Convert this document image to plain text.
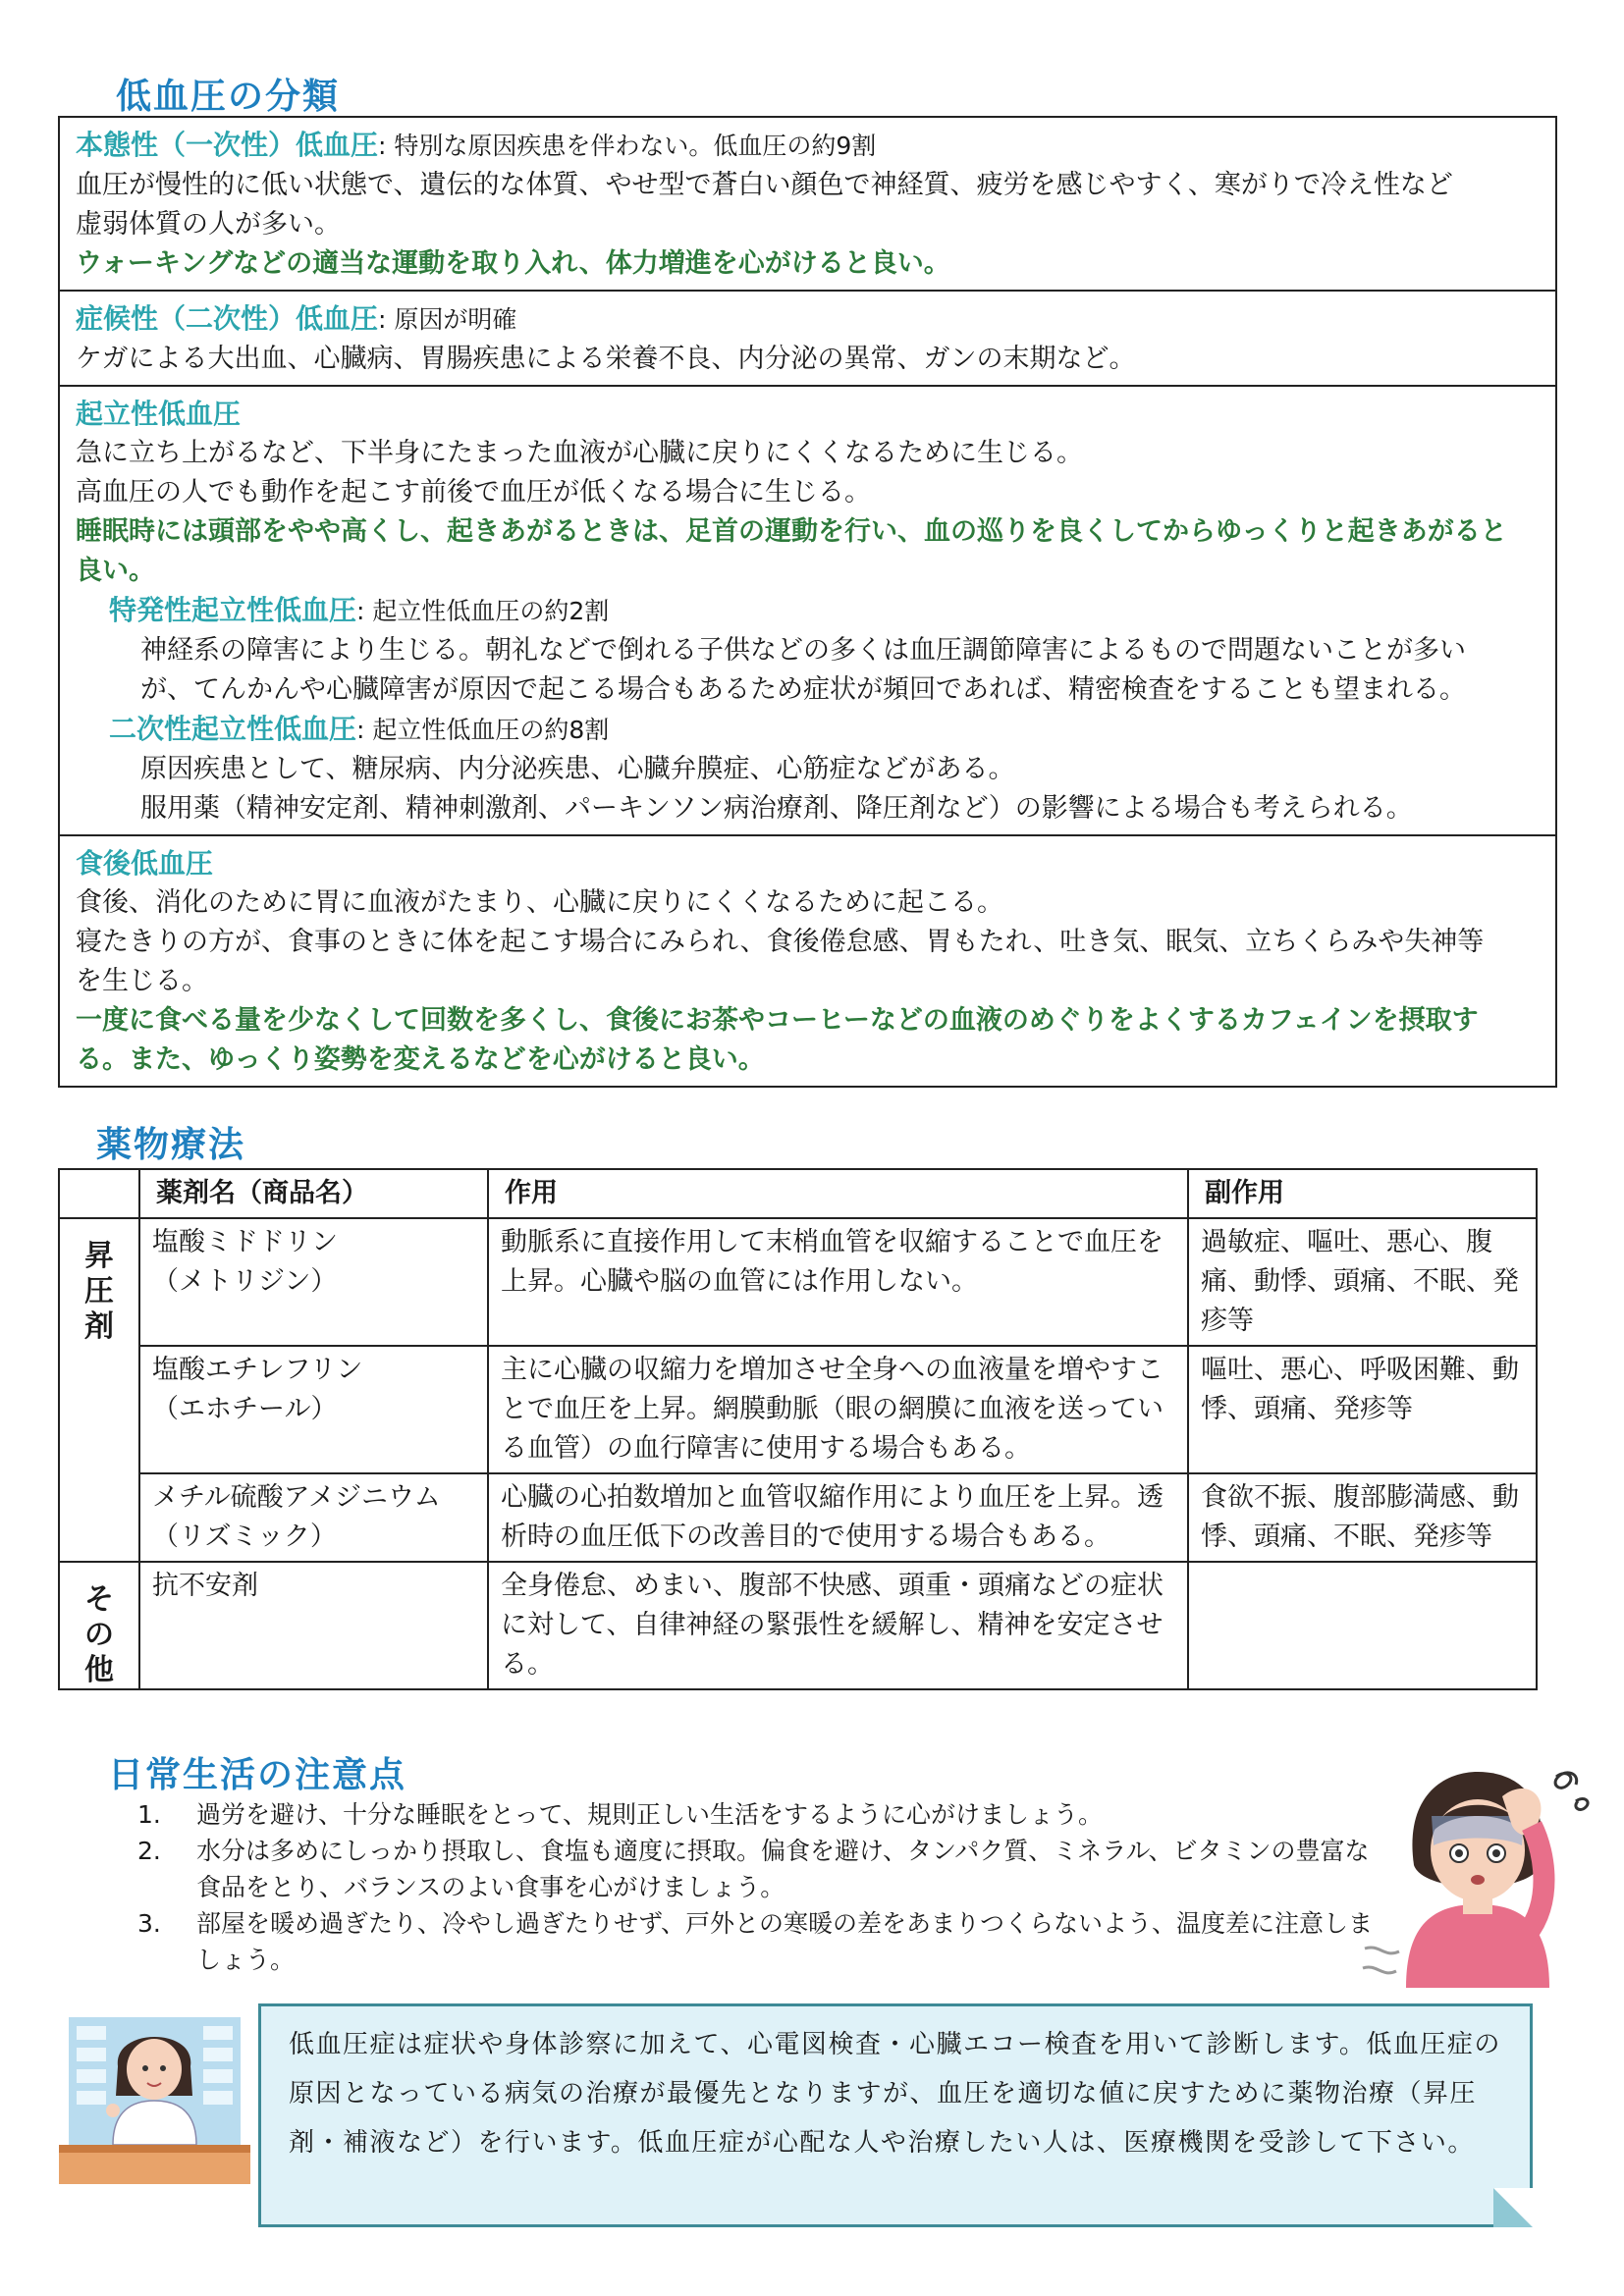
低血圧の分類
本態性（一次性）低血圧: 特別な原因疾患を伴わない。低血圧の約9割
血圧が慢性的に低い状態で、遺伝的な体質、やせ型で蒼白い顔色で神経質、疲労を感じやすく、寒がりで冷え性など
虚弱体質の人が多い。
ウォーキングなどの適当な運動を取り入れ、体力増進を心がけると良い。
症候性（二次性）低血圧: 原因が明確
ケガによる大出血、心臓病、胃腸疾患による栄養不良、内分泌の異常、ガンの末期など。
起立性低血圧
急に立ち上がるなど、下半身にたまった血液が心臓に戻りにくくなるために生じる。
高血圧の人でも動作を起こす前後で血圧が低くなる場合に生じる。
睡眠時には頭部をやや高くし、起きあがるときは、足首の運動を行い、血の巡りを良くしてからゆっくりと起きあがると
良い。
特発性起立性低血圧: 起立性低血圧の約2割
神経系の障害により生じる。朝礼などで倒れる子供などの多くは血圧調節障害によるもので問題ないことが多い
が、てんかんや心臓障害が原因で起こる場合もあるため症状が頻回であれば、精密検査をすることも望まれる。
二次性起立性低血圧: 起立性低血圧の約8割
原因疾患として、糖尿病、内分泌疾患、心臓弁膜症、心筋症などがある。
服用薬（精神安定剤、精神刺激剤、パーキンソン病治療剤、降圧剤など）の影響による場合も考えられる。
食後低血圧
食後、消化のために胃に血液がたまり、心臓に戻りにくくなるために起こる。
寝たきりの方が、食事のときに体を起こす場合にみられ、食後倦怠感、胃もたれ、吐き気、眠気、立ちくらみや失神等
を生じる。
一度に食べる量を少なくして回数を多くし、食後にお茶やコーヒーなどの血液のめぐりをよくするカフェインを摂取す
る。また、ゆっくり姿勢を変えるなどを心がけると良い。
薬物療法
	薬剤名（商品名）	作用	副作用

昇
圧
剤	塩酸ミドドリン
（メトリジン）	動脈系に直接作用して末梢血管を収縮することで血圧を上昇。心臓や脳の血管には作用しない。	過敏症、嘔吐、悪心、腹痛、動悸、頭痛、不眠、発疹等

	塩酸エチレフリン
（エホチール）	主に心臓の収縮力を増加させ全身への血液量を増やすことで血圧を上昇。網膜動脈（眼の網膜に血液を送っている血管）の血行障害に使用する場合もある。	嘔吐、悪心、呼吸困難、動悸、頭痛、発疹等

	メチル硫酸アメジニウム
（リズミック）	心臓の心拍数増加と血管収縮作用により血圧を上昇。透析時の血圧低下の改善目的で使用する場合もある。	食欲不振、腹部膨満感、動悸、頭痛、不眠、発疹等

そ
の
他	抗不安剤	全身倦怠、めまい、腹部不快感、頭重・頭痛などの症状に対して、自律神経の緊張性を緩解し、精神を安定させる。	
日常生活の注意点
1.	過労を避け、十分な睡眠をとって、規則正しい生活をするように心がけましょう。
2.	水分は多めにしっかり摂取し、食塩も適度に摂取。偏食を避け、タンパク質、ミネラル、ビタミンの豊富な食品をとり、バランスのよい食事を心がけましょう。
3.	部屋を暖め過ぎたり、冷やし過ぎたりせず、戸外との寒暖の差をあまりつくらないよう、温度差に注意しましょう。
低血圧症は症状や身体診察に加えて、心電図検査・心臓エコー検査を用いて診断します。低血圧症の原因となっている病気の治療が最優先となりますが、血圧を適切な値に戻すために薬物治療（昇圧剤・補液など）を行います。低血圧症が心配な人や治療したい人は、医療機関を受診して下さい。
